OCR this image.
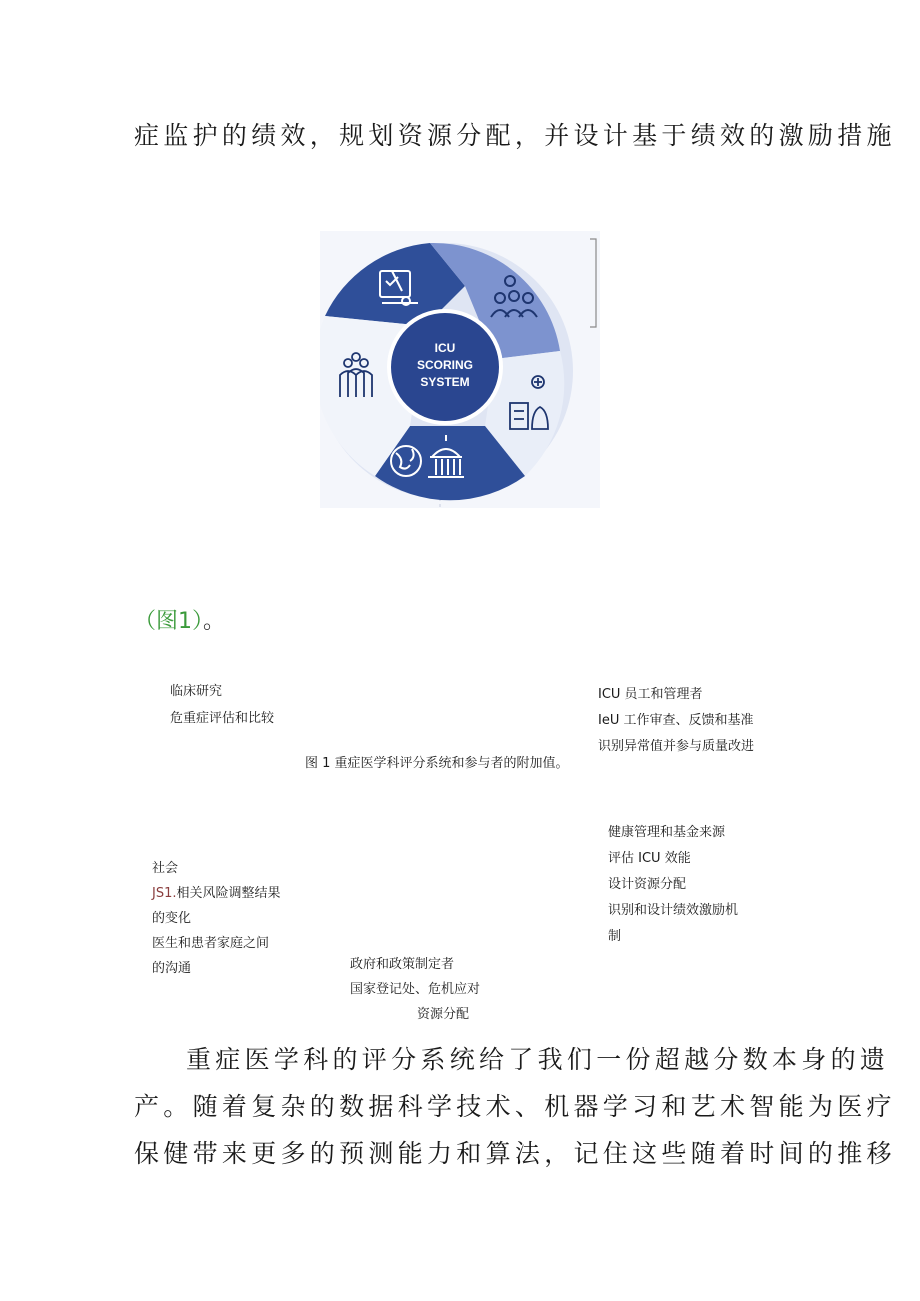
症监护的绩效，规划资源分配，并设计基于绩效的激励措施
ICU
SCORING
SYSTEM
（图1）。
临床研究
危重症评估和比较
ICU 员工和管理者
IeU 工作审查、反馈和基准
识别异常值并参与质量改进
图 1 重症医学科评分系统和参与者的附加值。
健康管理和基金来源
评估 ICU 效能
设计资源分配
识别和设计绩效激励机
制
社会
JS1.相关风险调整结果
的变化
医生和患者家庭之间
的沟通	政府和政策制定者
国家登记处、危机应对
资源分配
重症医学科的评分系统给了我们一份超越分数本身的遗
产。随着复杂的数据科学技术、机器学习和艺术智能为医疗
保健带来更多的预测能力和算法，记住这些随着时间的推移
